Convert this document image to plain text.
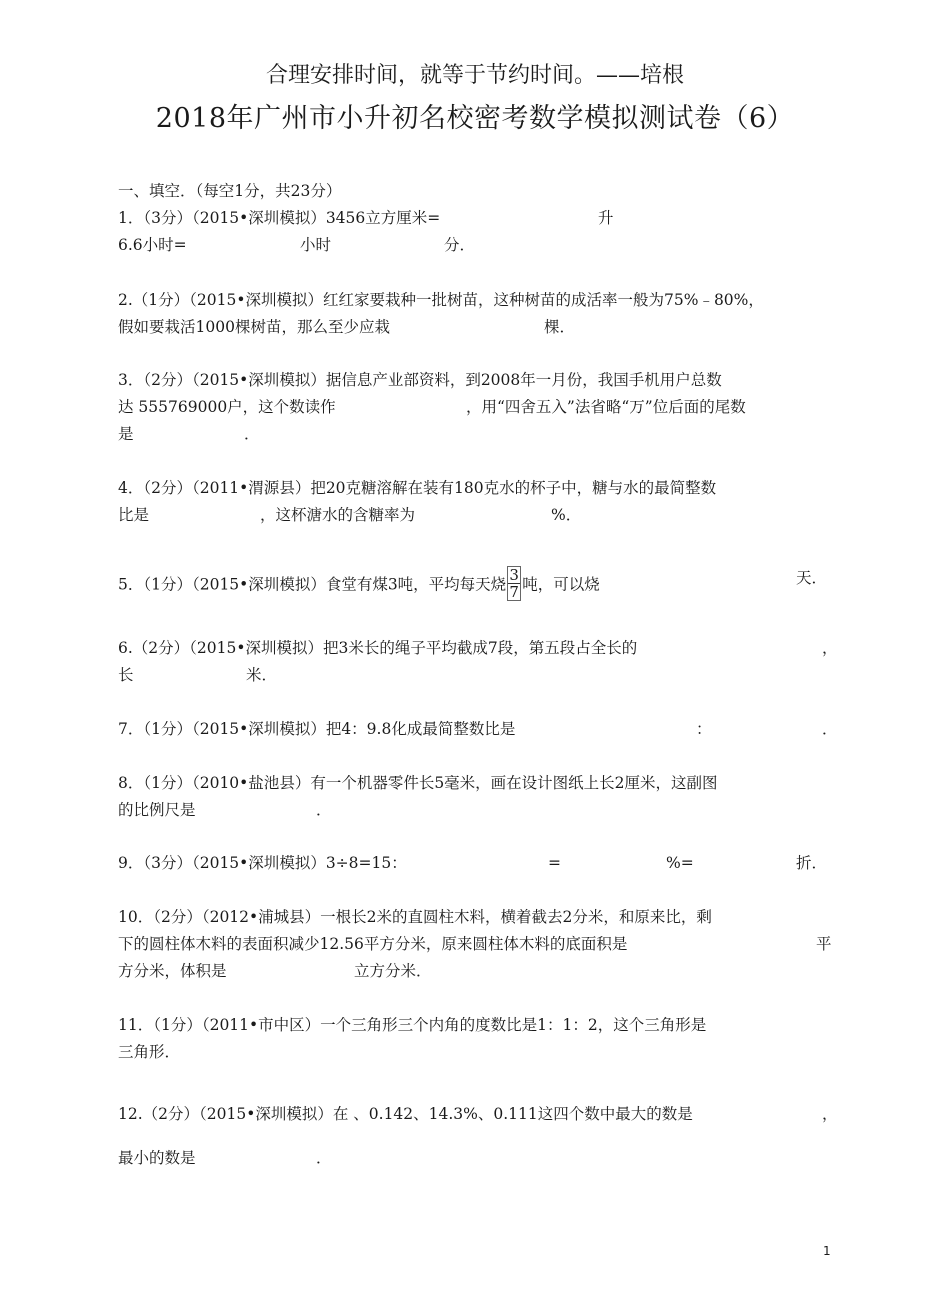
合理安排时间，就等于节约时间。——培根
2018年广州市小升初名校密考数学模拟测试卷（6）
一、填空．（每空1分，共23分）
1．（3分）（2015•深圳模拟）3456立方厘米=	升
6.6小时=	小时	分．
2.（1分）（2015•深圳模拟）红红家要栽种一批树苗，这种树苗的成活率一般为75%﹣80%，
假如要栽活1000棵树苗，那么至少应栽	棵．
3．（2分）（2015•深圳模拟）据信息产业部资料，到2008年一月份，我国手机用户总数
达 555769000户，这个数读作	，用“四舍五入”法省略“万”位后面的尾数
是	．
4．（2分）（2011•渭源县）把20克糖溶解在装有180克水的杯子中，糖与水的最简整数
比是	，这杯溏水的含糖率为	%．
5．（1分）（2015•深圳模拟）食堂有煤3吨，平均每天烧 $\frac{3}{7}$ 吨，可以烧	天．
6.（2分）（2015•深圳模拟）把3米长的绳子平均截成7段，第五段占全长的	，
长	米．
7．（1分）（2015•深圳模拟）把4：9.8化成最简整数比是	：	．
8．（1分）（2010•盐池县）有一个机器零件长5毫米，画在设计图纸上长2厘米，这副图
的比例尺是	．
9．（3分）（2015•深圳模拟）3÷8=15：	=	%=	折．
10．（2分）（2012•浦城县）一根长2米的直圆柱木料，横着截去2分米，和原来比，剩
下的圆柱体木料的表面积减少12.56平方分米，原来圆柱体木料的底面积是	平
方分米，体积是	立方分米．
11．（1分）（2011•市中区）一个三角形三个内角的度数比是1：1：2，这个三角形是
三角形．
12.（2分）（2015•深圳模拟）在 、0.142、14.3%、0.111这四个数中最大的数是	，
最小的数是	．
1
